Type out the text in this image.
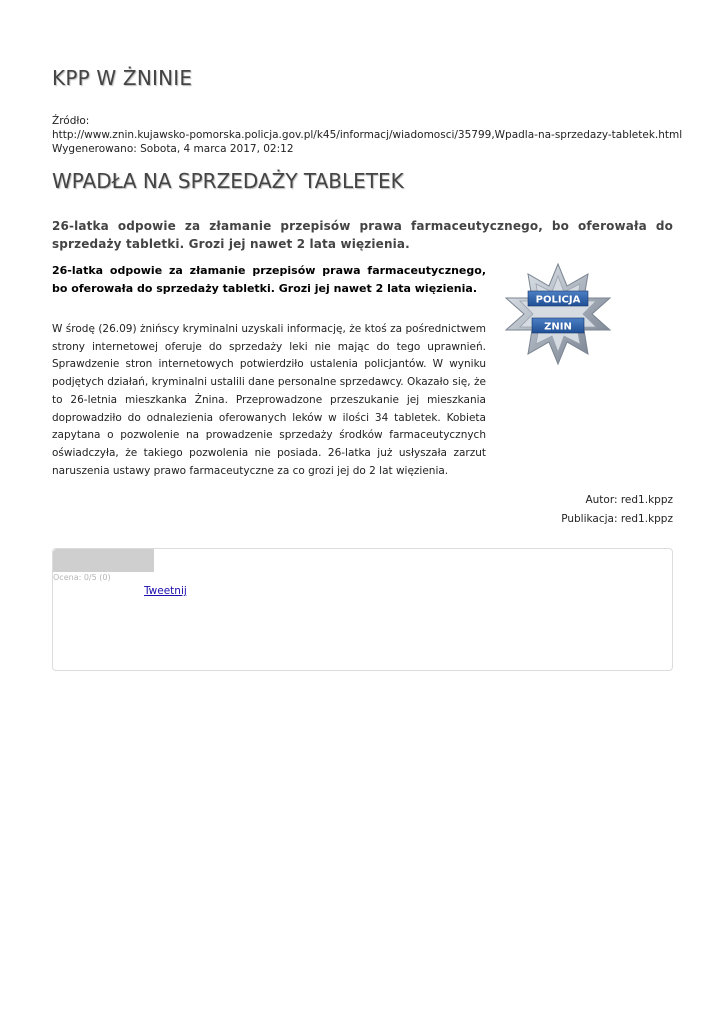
KPP W ŻNINIE
Źródło:
http://www.znin.kujawsko-pomorska.policja.gov.pl/k45/informacj/wiadomosci/35799,Wpadla-na-sprzedazy-tabletek.html
Wygenerowano: Sobota, 4 marca 2017, 02:12
WPADŁA NA SPRZEDAŻY TABLETEK
26-latka odpowie za złamanie przepisów prawa farmaceutycznego, bo oferowała do sprzedaży tabletki. Grozi jej nawet 2 lata więzienia.
26-latka odpowie za złamanie przepisów prawa farmaceutycznego, bo oferowała do sprzedaży tabletki. Grozi jej nawet 2 lata więzienia.
POLICJA
ZNIN
W środę (26.09) żnińscy kryminalni uzyskali informację, że ktoś za pośrednictwem strony internetowej oferuje do sprzedaży leki nie mając do tego uprawnień. Sprawdzenie stron internetowych potwierdziło ustalenia policjantów. W wyniku podjętych działań, kryminalni ustalili dane personalne sprzedawcy. Okazało się, że to 26-letnia mieszkanka Żnina. Przeprowadzone przeszukanie jej mieszkania doprowadziło do odnalezienia oferowanych leków w ilości 34 tabletek. Kobieta zapytana o pozwolenie na prowadzenie sprzedaży środków farmaceutycznych oświadczyła, że takiego pozwolenia nie posiada. 26-latka już usłyszała zarzut naruszenia ustawy prawo farmaceutyczne za co grozi jej do 2 lat więzienia.
Autor: red1.kppz
Publikacja: red1.kppz
Ocena: 0/5 (0)
Tweetnij
